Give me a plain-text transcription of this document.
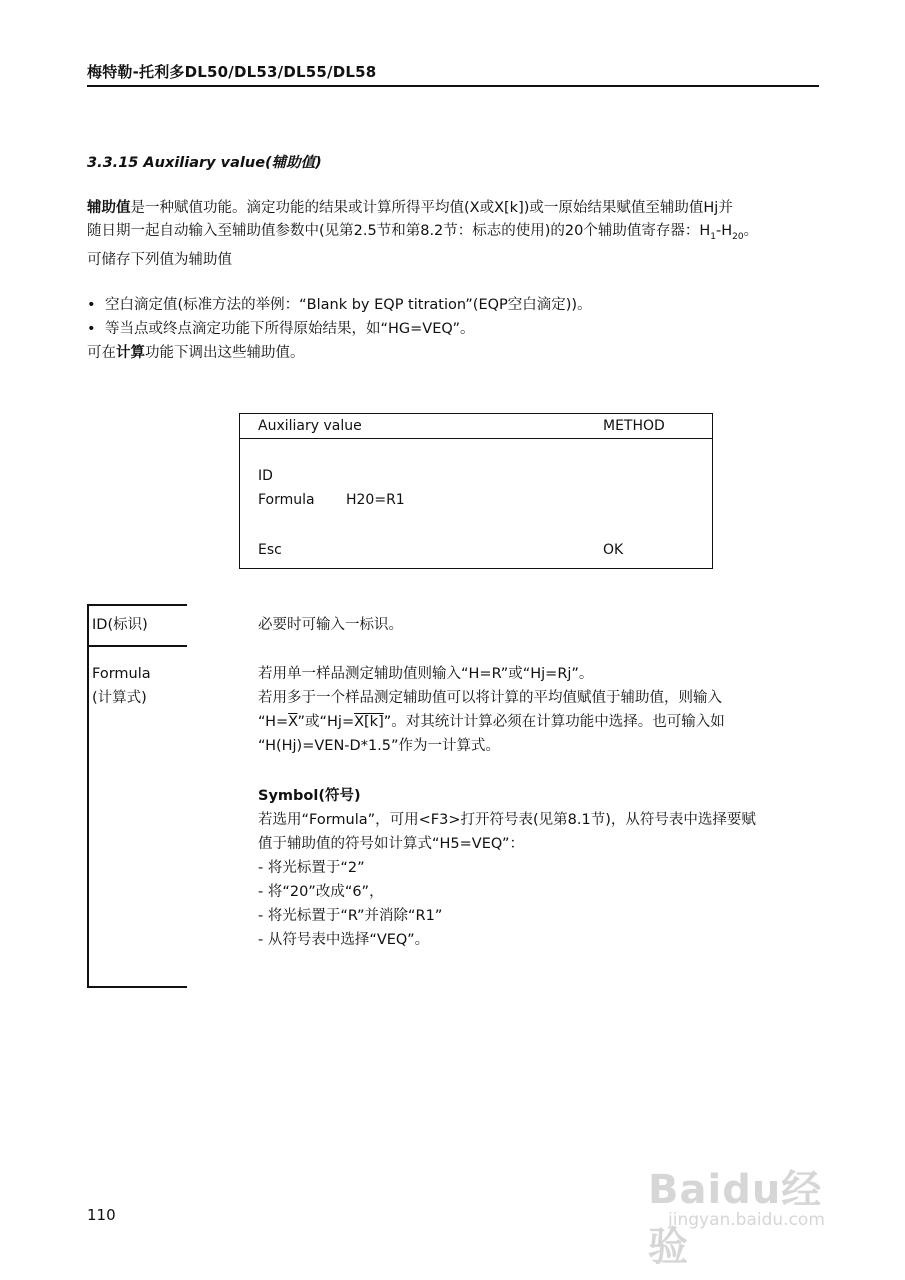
梅特勒-托利多DL50/DL53/DL55/DL58
3.3.15 Auxiliary value(辅助值)
辅助值是一种赋值功能。滴定功能的结果或计算所得平均值(X或X[k])或一原始结果赋值至辅助值Hj并
随日期一起自动输入至辅助值参数中(见第2.5节和第8.2节：标志的使用)的20个辅助值寄存器：$H_1-H_{20}$。
可储存下列值为辅助值
• 空白滴定值(标准方法的举例：“Blank by EQP titration”(EQP空白滴定))。
• 等当点或终点滴定功能下所得原始结果，如“HG=VEQ”。
可在计算功能下调出这些辅助值。
Auxiliary value	METHOD
ID
Formula H20=R1
Esc	OK
ID(标识)	必要时可输入一标识。
Formula
(计算式)
若用单一样品测定辅助值则输入“H=R”或“Hj=Rj”。
若用多于一个样品测定辅助值可以将计算的平均值赋值于辅助值，则输入
“$H=\overline{X}$”或“Hj=X[k]”。对其统计计算必须在计算功能中选择。也可输入如
“H(Hj)=VEN-D*1.5”作为一计算式。
Symbol(符号)
若选用“Formula”，可用<F3>打开符号表(见第8.1节)，从符号表中选择要赋
值于辅助值的符号如计算式“H5=VEQ”：
- 将光标置于“2”
- 将“20”改成“6”，
- 将光标置于“R”并消除“R1”
- 从符号表中选择“VEQ”。
110
Baidu经验
jingyan.baidu.com
